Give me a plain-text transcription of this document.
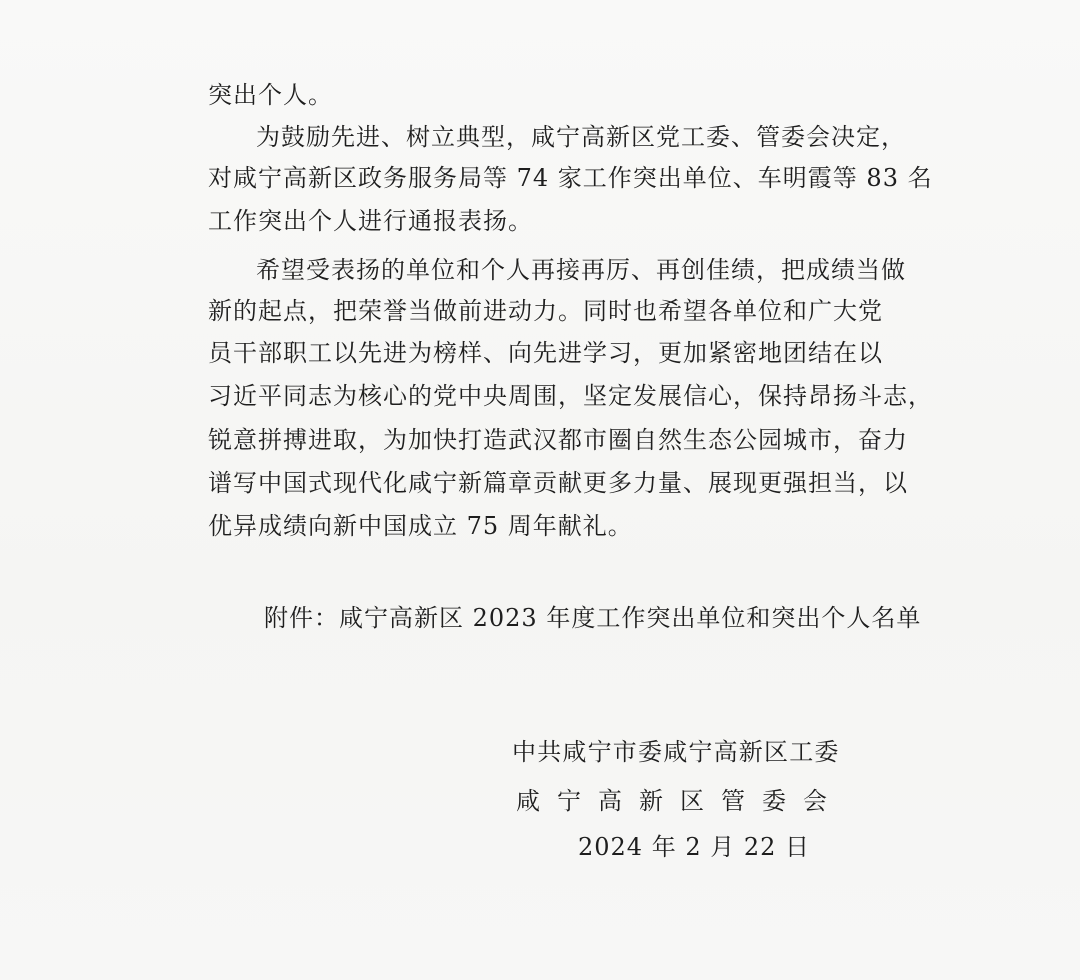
突出个人。
为鼓励先进、树立典型，咸宁高新区党工委、管委会决定，
对咸宁高新区政务服务局等 74 家工作突出单位、车明霞等 83 名
工作突出个人进行通报表扬。
希望受表扬的单位和个人再接再厉、再创佳绩，把成绩当做
新的起点，把荣誉当做前进动力。同时也希望各单位和广大党
员干部职工以先进为榜样、向先进学习，更加紧密地团结在以
习近平同志为核心的党中央周围，坚定发展信心，保持昂扬斗志，
锐意拼搏进取，为加快打造武汉都市圈自然生态公园城市，奋力
谱写中国式现代化咸宁新篇章贡献更多力量、展现更强担当，以
优异成绩向新中国成立 75 周年献礼。
附件：咸宁高新区 2023 年度工作突出单位和突出个人名单
中共咸宁市委咸宁高新区工委
咸宁高新区管委会
2024 年 2 月 22 日
